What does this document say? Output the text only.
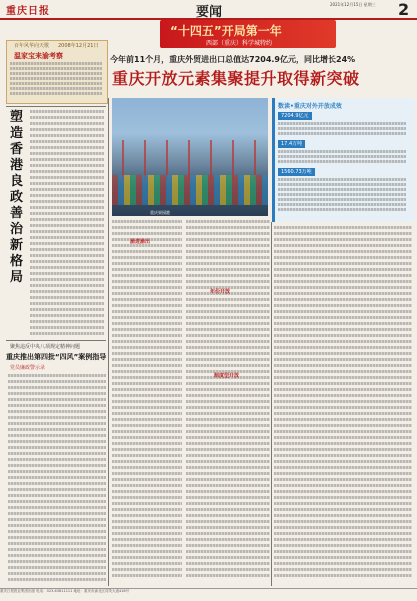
重庆日报	要闻
2021年12月15日 星期三 2
“十四五”开局第一年
西部（重庆）科学城特约
今年前11个月，重庆外贸进出口总值达7204.9亿元，同比增长24%
重庆开放元素集聚提升取得新突破
百年风华向天歌 2008年12月21日
温家宝来渝考察
塑造香港良政善治新格局
重庆果园港
数读•重庆对外开放成效
7204.9亿元
17.4万吨
1560.73万吨
渝进渝出
年份开放
制度型开放
聚焦违反中央八项规定精神问题
重庆推出第四批“四风”案例指导
党员廉政警示录
重庆日报报业集团出版 电话：023-63811111 地址：重庆市渝北区同茂大道416号
